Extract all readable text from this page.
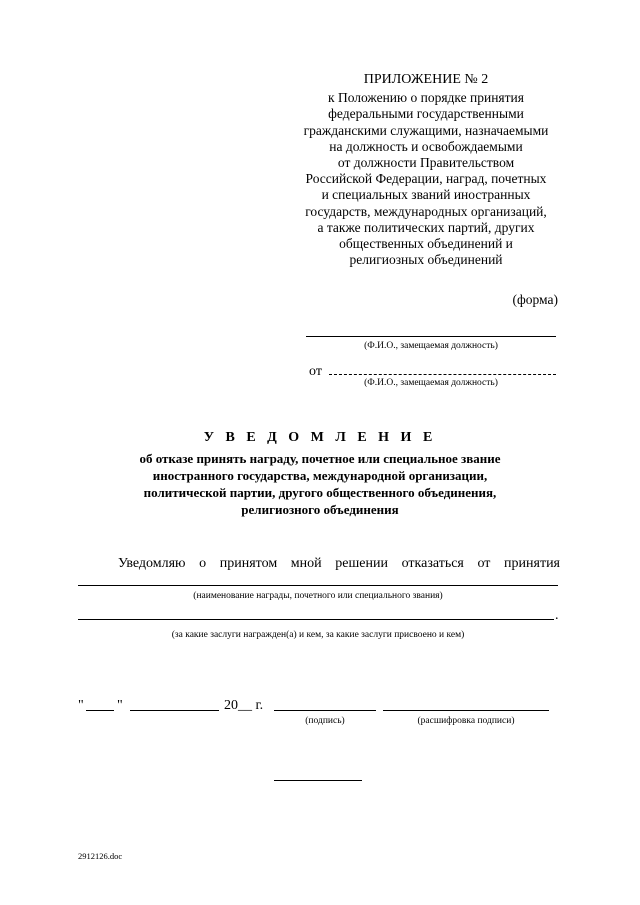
ПРИЛОЖЕНИЕ № 2
к Положению о порядке принятия
федеральными государственными
гражданскими служащими, назначаемыми
на должность и освобождаемыми
от должности Правительством
Российской Федерации, наград, почетных
и специальных званий иностранных
государств, международных организаций,
а также политических партий, других
общественных объединений и
религиозных объединений
(форма)
(Ф.И.О., замещаемая должность)
от
(Ф.И.О., замещаемая должность)
У В Е Д О М Л Е Н И Е
об отказе принять награду, почетное или специальное звание
иностранного государства, международной организации,
политической партии, другого общественного объединения,
религиозного объединения
Уведомляю о принятом мной решении отказаться от принятия
(наименование награды, почетного или специального звания)
.
(за какие заслуги награжден(а) и кем, за какие заслуги присвоено и кем)
" "	20__ г.
(подпись)	(расшифровка подписи)
2912126.doc
